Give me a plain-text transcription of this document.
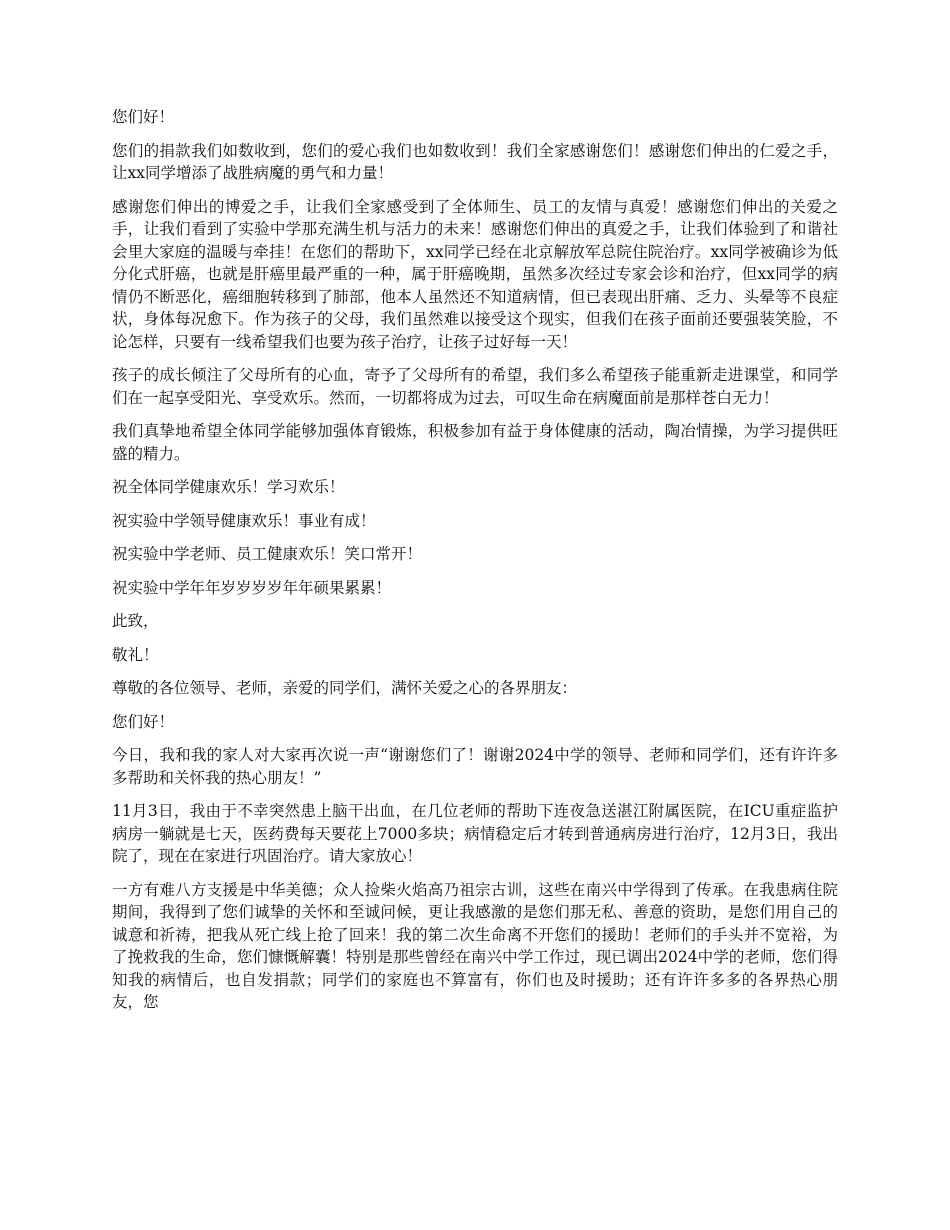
您们好！

您们的捐款我们如数收到，您们的爱心我们也如数收到！我们全家感谢您们！感谢您们伸出的仁爱之手，让xx同学增添了战胜病魔的勇气和力量！

感谢您们伸出的博爱之手，让我们全家感受到了全体师生、员工的友情与真爱！感谢您们伸出的关爱之手，让我们看到了实验中学那充满生机与活力的未来！感谢您们伸出的真爱之手，让我们体验到了和谐社会里大家庭的温暖与牵挂！在您们的帮助下，xx同学已经在北京解放军总院住院治疗。xx同学被确诊为低分化式肝癌，也就是肝癌里最严重的一种，属于肝癌晚期，虽然多次经过专家会诊和治疗，但xx同学的病情仍不断恶化，癌细胞转移到了肺部，他本人虽然还不知道病情，但已表现出肝痛、乏力、头晕等不良症状，身体每况愈下。作为孩子的父母，我们虽然难以接受这个现实，但我们在孩子面前还要强装笑脸，不论怎样，只要有一线希望我们也要为孩子治疗，让孩子过好每一天！

孩子的成长倾注了父母所有的心血，寄予了父母所有的希望，我们多么希望孩子能重新走进课堂，和同学们在一起享受阳光、享受欢乐。然而，一切都将成为过去，可叹生命在病魔面前是那样苍白无力！

我们真挚地希望全体同学能够加强体育锻炼，积极参加有益于身体健康的活动，陶冶情操，为学习提供旺盛的精力。

祝全体同学健康欢乐！学习欢乐！

祝实验中学领导健康欢乐！事业有成！

祝实验中学老师、员工健康欢乐！笑口常开！

祝实验中学年年岁岁岁岁年年硕果累累！

此致，

敬礼！

尊敬的各位领导、老师，亲爱的同学们，满怀关爱之心的各界朋友：

您们好！

今日，我和我的家人对大家再次说一声“谢谢您们了！谢谢2024中学的领导、老师和同学们，还有许许多多帮助和关怀我的热心朋友！”

11月3日，我由于不幸突然患上脑干出血，在几位老师的帮助下连夜急送湛江附属医院，在ICU重症监护病房一躺就是七天，医药费每天要花上7000多块；病情稳定后才转到普通病房进行治疗，12月3日，我出院了，现在在家进行巩固治疗。请大家放心！

一方有难八方支援是中华美德；众人捡柴火焰高乃祖宗古训，这些在南兴中学得到了传承。在我患病住院期间，我得到了您们诚挚的关怀和至诚问候，更让我感激的是您们那无私、善意的资助，是您们用自己的诚意和祈祷，把我从死亡线上抢了回来！我的第二次生命离不开您们的援助！老师们的手头并不宽裕，为了挽救我的生命，您们慷慨解囊！特别是那些曾经在南兴中学工作过，现已调出2024中学的老师，您们得知我的病情后，也自发捐款；同学们的家庭也不算富有，你们也及时援助；还有许许多多的各界热心朋友，您
